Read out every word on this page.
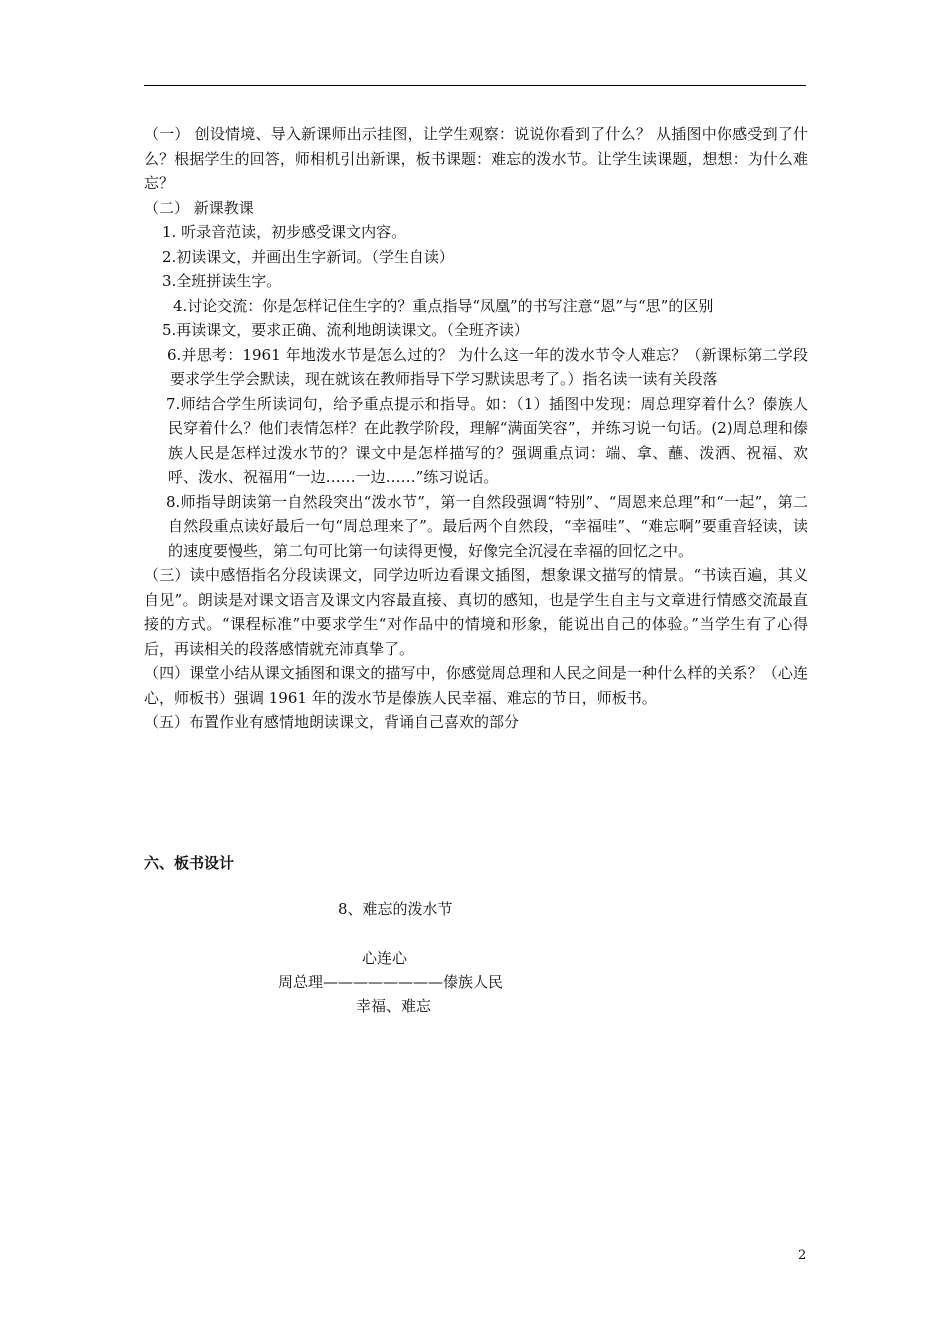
（一） 创设情境、导入新课师出示挂图，让学生观察：说说你看到了什么？ 从插图中你感受到了什么？根据学生的回答，师相机引出新课，板书课题：难忘的泼水节。让学生读课题，想想：为什么难忘？

（二） 新课教课

1. 听录音范读，初步感受课文内容。

2.初读课文，并画出生字新词。（学生自读）

3.全班拼读生字。

4.讨论交流：你是怎样记住生字的？重点指导“凤凰”的书写注意“恩”与“思”的区别

5.再读课文，要求正确、流利地朗读课文。（全班齐读）

6.并思考：1961 年地泼水节是怎么过的？ 为什么这一年的泼水节令人难忘？（新课标第二学段要求学生学会默读，现在就该在教师指导下学习默读思考了。）指名读一读有关段落

7.师结合学生所读词句，给予重点提示和指导。如：（1）插图中发现：周总理穿着什么？傣族人民穿着什么？他们表情怎样？在此教学阶段，理解“满面笑容”，并练习说一句话。(2)周总理和傣族人民是怎样过泼水节的？课文中是怎样描写的？强调重点词：端、拿、蘸、泼洒、祝福、欢呼、泼水、祝福用“一边……一边……”练习说话。

8.师指导朗读第一自然段突出“泼水节”，第一自然段强调“特别”、“周恩来总理”和“一起”，第二自然段重点读好最后一句“周总理来了”。最后两个自然段，“幸福哇”、“难忘啊”要重音轻读，读的速度要慢些，第二句可比第一句读得更慢，好像完全沉浸在幸福的回忆之中。

（三）读中感悟指名分段读课文，同学边听边看课文插图，想象课文描写的情景。“书读百遍，其义自见”。朗读是对课文语言及课文内容最直接、真切的感知，也是学生自主与文章进行情感交流最直接的方式。“课程标准”中要求学生“对作品中的情境和形象，能说出自己的体验。”当学生有了心得后，再读相关的段落感情就充沛真挚了。

（四）课堂小结从课文插图和课文的描写中，你感觉周总理和人民之间是一种什么样的关系？（心连心，师板书）强调 1961 年的泼水节是傣族人民幸福、难忘的节日，师板书。

（五）布置作业有感情地朗读课文，背诵自己喜欢的部分

六、板书设计
8、难忘的泼水节
心连心
周总理————————傣族人民
幸福、难忘
2
